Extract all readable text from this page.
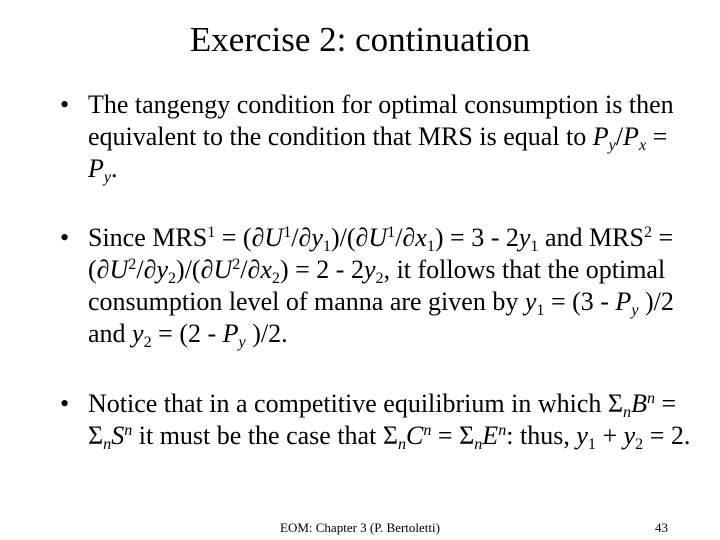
Exercise 2: continuation
• The tangengy condition for optimal consumption is then equivalent to the condition that MRS is equal to $P_y/P_x = P_y$.
• Since $MRS^1 = (\partial U^1/\partial y_1)/(\partial U^1/\partial x_1) = 3 - 2y_1$ and $MRS^2 = (\partial U^2/\partial y_2)/(\partial U^2/\partial x_2) = 2 - 2y_2$, it follows that the optimal consumption level of manna are given by $y_1 = (3 - P_y$ )/2 and $y_2 = (2 - P_y$ )/2.
• Notice that in a competitive equilibrium in which $\Sigma_nB^n = \Sigma_nS^n$ it must be the case that $\Sigma_nC^n = \Sigma_nE^n$: thus, $y_1 + y_2 = 2$.
EOM: Chapter 3 (P. Bertoletti)	43
